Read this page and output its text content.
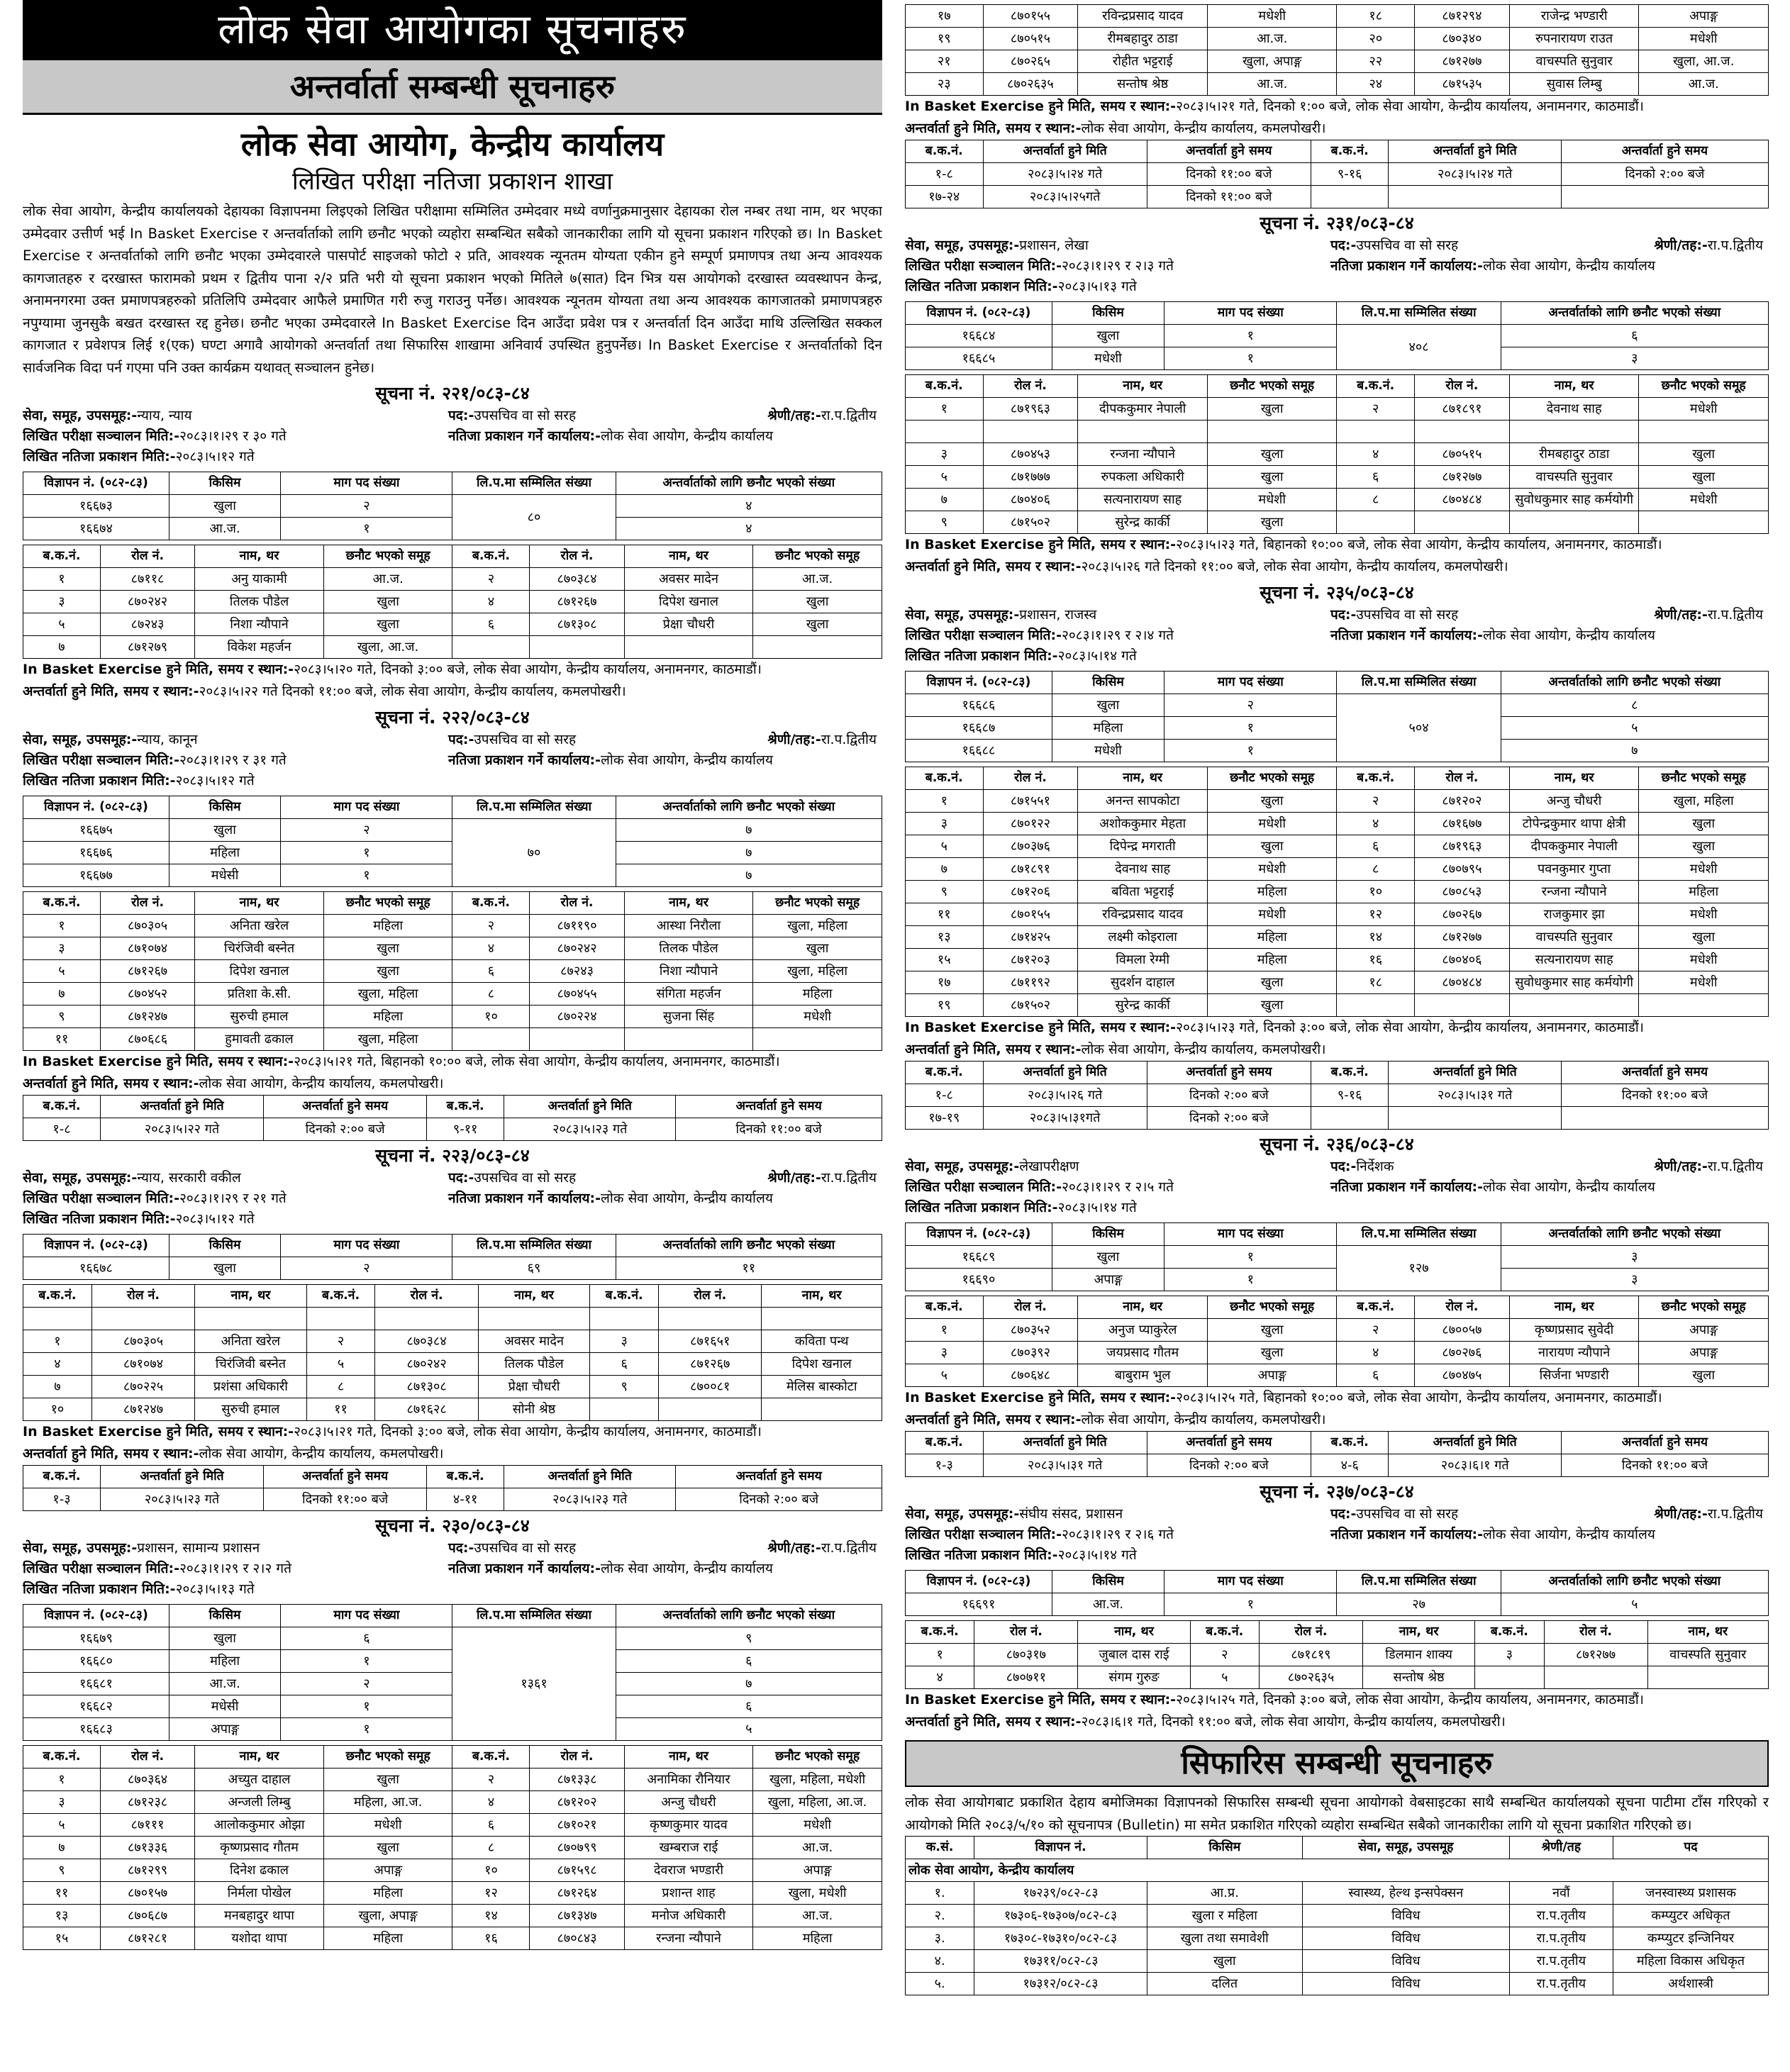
लोक सेवा आयोगका सूचनाहरु
अन्तर्वार्ता सम्बन्धी सूचनाहरु
लोक सेवा आयोग, केन्द्रीय कार्यालय
लिखित परीक्षा नतिजा प्रकाशन शाखा

लोक सेवा आयोग, केन्द्रीय कार्यालयको देहायका विज्ञापनमा लिइएको लिखित परीक्षामा सम्मिलित उम्मेदवार मध्ये वर्णानुक्रमानुसार देहायका रोल नम्बर तथा नाम, थर भएका उम्मेदवार उत्तीर्ण भई In Basket Exercise र अन्तर्वार्ताको लागि छनौट भएको व्यहोरा सम्बन्धित सबैको जानकारीका लागि यो सूचना प्रकाशन गरिएको छ। In Basket Exercise र अन्तर्वार्ताको लागि छनौट भएका उम्मेदवारले पासपोर्ट साइजको फोटो २ प्रति, आवश्यक न्यूनतम योग्यता एकीन हुने सम्पूर्ण प्रमाणपत्र तथा अन्य आवश्यक कागजातहरु र दरखास्त फारामको प्रथम र द्वितीय पाना २/२ प्रति भरी यो सूचना प्रकाशन भएको मितिले ७(सात) दिन भित्र यस आयोगको दरखास्त व्यवस्थापन केन्द्र, अनामनगरमा उक्त प्रमाणपत्रहरुको प्रतिलिपि उम्मेदवार आफैले प्रमाणित गरी रुजु गराउनु पर्नेछ। आवश्यक न्यूनतम योग्यता तथा अन्य आवश्यक कागजातको प्रमाणपत्रहरु नपुग्यामा जुनसुकै बखत दरखास्त रद्द हुनेछ। छनौट भएका उम्मेदवारले In Basket Exercise दिन आउँदा प्रवेश पत्र र अन्तर्वार्ता दिन आउँदा माथि उल्लिखित सक्कल कागजात र प्रवेशपत्र लिई १(एक) घण्टा अगावै आयोगको अन्तर्वार्ता तथा सिफारिस शाखामा अनिवार्य उपस्थित हुनुपर्नेछ। In Basket Exercise र अन्तर्वार्ताको दिन सार्वजनिक विदा पर्न गएमा पनि उक्त कार्यक्रम यथावत् सञ्चालन हुनेछ।

सूचना नं. २२१/०८३-८४
सेवा, समूह, उपसमूह:-न्याय, न्याय	पद:-उपसचिव वा सो सरह	श्रेणी/तह:-रा.प.द्वितीय
लिखित परीक्षा सञ्चालन मिति:-२०८३।१।२९ र ३० गते	नतिजा प्रकाशन गर्ने कार्यालय:-लोक सेवा आयोग, केन्द्रीय कार्यालय
लिखित नतिजा प्रकाशन मिति:-२०८३।५।१२ गते
विज्ञापन नं. (०८२-८३)	किसिम	माग पद संख्या	लि.प.मा सम्मिलित संख्या	अन्तर्वार्ताको लागि छनौट भएको संख्या
१६६७३	खुला	२	८०	४
१६६७४	आ.ज.	१		४
ब.क.नं.	रोल नं.	नाम, थर	छनौट भएको समूह	ब.क.नं.	रोल नं.	नाम, थर	छनौट भएको समूह
१	८७११८	अनु याकामी	आ.ज.	२	८७०३८४	अवसर मादेन	आ.ज.
३	८७०२४२	तिलक पौडेल	खुला	४	८७१२६७	दिपेश खनाल	खुला
५	८७२४३	निशा न्यौपाने	खुला	६	८७१३०८	प्रेक्षा चौधरी	खुला
७	८७१२७९	विकेश महर्जन	खुला, आ.ज.				
In Basket Exercise हुने मिति, समय र स्थान:-२०८३।५।२० गते, दिनको ३:०० बजे, लोक सेवा आयोग, केन्द्रीय कार्यालय, अनामनगर, काठमाडौं।
अन्तर्वार्ता हुने मिति, समय र स्थान:-२०८३।५।२२ गते दिनको ११:०० बजे, लोक सेवा आयोग, केन्द्रीय कार्यालय, कमलपोखरी।
सूचना नं. २२२/०८३-८४
सेवा, समूह, उपसमूह:-न्याय, कानून	पद:-उपसचिव वा सो सरह	श्रेणी/तह:-रा.प.द्वितीय
लिखित परीक्षा सञ्चालन मिति:-२०८३।१।२९ र ३१ गते	नतिजा प्रकाशन गर्ने कार्यालय:-लोक सेवा आयोग, केन्द्रीय कार्यालय
लिखित नतिजा प्रकाशन मिति:-२०८३।५।१२ गते
विज्ञापन नं. (०८२-८३)	किसिम	माग पद संख्या	लि.प.मा सम्मिलित संख्या	अन्तर्वार्ताको लागि छनौट भएको संख्या
१६६७५	खुला	२	७०	७
१६६७६	महिला	१		७
१६६७७	मधेसी	१		७
ब.क.नं.	रोल नं.	नाम, थर	छनौट भएको समूह	ब.क.नं.	रोल नं.	नाम, थर	छनौट भएको समूह
१	८७०३०५	अनिता खरेल	महिला	२	८७११९०	आस्था निरौला	खुला, महिला
३	८७१०७४	चिरंजिवी बस्नेत	खुला	४	८७०२४२	तिलक पौडेल	खुला
५	८७१२६७	दिपेश खनाल	खुला	६	८७२४३	निशा न्यौपाने	खुला, महिला
७	८७०४५२	प्रतिशा के.सी.	खुला, महिला	८	८७०४५५	संगिता महर्जन	महिला
९	८७१२४७	सुरुची हमाल	महिला	१०	८७०२२४	सुजना सिंह	मधेशी
११	८७०६८६	हुमावती ढकाल	खुला, महिला				
In Basket Exercise हुने मिति, समय र स्थान:-२०८३।५।२१ गते, बिहानको १०:०० बजे, लोक सेवा आयोग, केन्द्रीय कार्यालय, अनामनगर, काठमाडौं।
अन्तर्वार्ता हुने मिति, समय र स्थान:-लोक सेवा आयोग, केन्द्रीय कार्यालय, कमलपोखरी।
ब.क.नं.	अन्तर्वार्ता हुने मिति	अन्तर्वार्ता हुने समय	ब.क.नं.	अन्तर्वार्ता हुने मिति	अन्तर्वार्ता हुने समय
१-८	२०८३।५।२२ गते	दिनको २:०० बजे	९-११	२०८३।५।२३ गते	दिनको ११:०० बजे
सूचना नं. २२३/०८३-८४
सेवा, समूह, उपसमूह:-न्याय, सरकारी वकील	पद:-उपसचिव वा सो सरह	श्रेणी/तह:-रा.प.द्वितीय
लिखित परीक्षा सञ्चालन मिति:-२०८३।१।२९ र २१ गते	नतिजा प्रकाशन गर्ने कार्यालय:-लोक सेवा आयोग, केन्द्रीय कार्यालय
लिखित नतिजा प्रकाशन मिति:-२०८३।५।१२ गते
विज्ञापन नं. (०८२-८३)	किसिम	माग पद संख्या	लि.प.मा सम्मिलित संख्या	अन्तर्वार्ताको लागि छनौट भएको संख्या
१६६७८	खुला	२	६९	११
ब.क.नं.	रोल नं.	नाम, थर	ब.क.नं.	रोल नं.	नाम, थर	ब.क.नं.	रोल नं.	नाम, थर	

१	८७०३०५	अनिता खरेल	२	८७०३८४	अवसर मादेन	३	८७१६५१	कविता पन्थ	
४	८७१०७४	चिरंजिवी बस्नेत	५	८७०२४२	तिलक पौडेल	६	८७१२६७	दिपेश खनाल	
७	८७०२२५	प्रशंसा अधिकारी	८	८७१३०८	प्रेक्षा चौधरी	९	८७००८१	मेलिस बास्कोटा	
१०	८७१२४७	सुरुची हमाल	११	८७१६२८	सोनी श्रेष्ठ				
In Basket Exercise हुने मिति, समय र स्थान:-२०८३।५।२१ गते, दिनको ३:०० बजे, लोक सेवा आयोग, केन्द्रीय कार्यालय, अनामनगर, काठमाडौं।
अन्तर्वार्ता हुने मिति, समय र स्थान:-लोक सेवा आयोग, केन्द्रीय कार्यालय, कमलपोखरी।
ब.क.नं.	अन्तर्वार्ता हुने मिति	अन्तर्वार्ता हुने समय	ब.क.नं.	अन्तर्वार्ता हुने मिति	अन्तर्वार्ता हुने समय
१-३	२०८३।५।२३ गते	दिनको ११:०० बजे	४-११	२०८३।५।२३ गते	दिनको २:०० बजे
सूचना नं. २३०/०८३-८४
सेवा, समूह, उपसमूह:-प्रशासन, सामान्य प्रशासन	पद:-उपसचिव वा सो सरह	श्रेणी/तह:-रा.प.द्वितीय
लिखित परीक्षा सञ्चालन मिति:-२०८३।१।२९ र २।२ गते	नतिजा प्रकाशन गर्ने कार्यालय:-लोक सेवा आयोग, केन्द्रीय कार्यालय
लिखित नतिजा प्रकाशन मिति:-२०८३।५।१३ गते
विज्ञापन नं. (०८२-८३)	किसिम	माग पद संख्या	लि.प.मा सम्मिलित संख्या	अन्तर्वार्ताको लागि छनौट भएको संख्या
१६६७९	खुला	६	१३६१	९
१६६८०	महिला	१		६
१६६८१	आ.ज.	२		७
१६६८२	मधेसी	१		६
१६६८३	अपाङ्ग	१		५
ब.क.नं.	रोल नं.	नाम, थर	छनौट भएको समूह	ब.क.नं.	रोल नं.	नाम, थर	छनौट भएको समूह
१	८७०३६४	अच्युत दाहाल	खुला	२	८७१३३८	अनामिका रौनियार	खुला, महिला, मधेशी
३	८७१२३८	अन्जली लिम्बु	महिला, आ.ज.	४	८७१२०२	अन्जु चौधरी	खुला, महिला, आ.ज.
५	८७१११	आलोककुमार ओझा	मधेशी	६	८७१०२१	कृष्णकुमार यादव	मधेशी
७	८७१३३६	कृष्णप्रसाद गौतम	खुला	८	८७०७९९	खम्बराज राई	आ.ज.
९	८७१२९९	दिनेश ढकाल	अपाङ्ग	१०	८७१५९८	देवराज भण्डारी	अपाङ्ग
११	८७०१५७	निर्मला पोखेल	महिला	१२	८७१२६४	प्रशान्त शाह	खुला, मधेशी
१३	८७०६८७	मनबहादुर थापा	खुला, अपाङ्ग	१४	८७१३४७	मनोज अधिकारी	आ.ज.
१५	८७१२८१	यशोदा थापा	महिला	१६	८७०८४३	रन्जना न्यौपाने	महिला
१७	८७०१५५	रविन्द्रप्रसाद यादव	मधेशी	१८	८७१२९४	राजेन्द्र भण्डारी	अपाङ्ग
१९	८७०५१५	रीमबहादुर ठाडा	आ.ज.	२०	८७०३४०	रुपनारायण राउत	मधेशी
२१	८७०२६५	रोहीत भट्टराई	खुला, अपाङ्ग	२२	८७१२७७	वाचस्पति सुनुवार	खुला, आ.ज.
२३	८७०२६३५	सन्तोष श्रेष्ठ	आ.ज.	२४	८७१५३५	सुवास लिम्बु	आ.ज.
In Basket Exercise हुने मिति, समय र स्थान:-२०८३।५।२१ गते, दिनको १:०० बजे, लोक सेवा आयोग, केन्द्रीय कार्यालय, अनामनगर, काठमाडौं।
अन्तर्वार्ता हुने मिति, समय र स्थान:-लोक सेवा आयोग, केन्द्रीय कार्यालय, कमलपोखरी।
ब.क.नं.	अन्तर्वार्ता हुने मिति	अन्तर्वार्ता हुने समय	ब.क.नं.	अन्तर्वार्ता हुने मिति	अन्तर्वार्ता हुने समय
१-८	२०८३।५।२४ गते	दिनको ११:०० बजे	९-१६	२०८३।५।२४ गते	दिनको २:०० बजे
१७-२४	२०८३।५।२५गते	दिनको ११:०० बजे			
सूचना नं. २३१/०८३-८४
सेवा, समूह, उपसमूह:-प्रशासन, लेखा	पद:-उपसचिव वा सो सरह	श्रेणी/तह:-रा.प.द्वितीय
लिखित परीक्षा सञ्चालन मिति:-२०८३।१।२९ र २।३ गते	नतिजा प्रकाशन गर्ने कार्यालय:-लोक सेवा आयोग, केन्द्रीय कार्यालय
लिखित नतिजा प्रकाशन मिति:-२०८३।५।१३ गते
विज्ञापन नं. (०८२-८३)	किसिम	माग पद संख्या	लि.प.मा सम्मिलित संख्या	अन्तर्वार्ताको लागि छनौट भएको संख्या
१६६८४	खुला	१	४०८	६
१६६८५	मधेशी	१		३
ब.क.नं.	रोल नं.	नाम, थर	छनौट भएको समूह	ब.क.नं.	रोल नं.	नाम, थर	छनौट भएको समूह
१	८७१९६३	दीपककुमार नेपाली	खुला	२	८७१८९१	देवनाथ साह	मधेशी

३	८७०४५३	रन्जना न्यौपाने	खुला	४	८७०५१५	रीमबहादुर ठाडा	खुला
५	८७१७७७	रुपकला अधिकारी	खुला	६	८७१२७७	वाचस्पति सुनुवार	खुला
७	८७०४०६	सत्यनारायण साह	मधेशी	८	८७०४८४	सुवोधकुमार साह कर्मयोगी	मधेशी
९	८७१५०२	सुरेन्द्र कार्की	खुला				
In Basket Exercise हुने मिति, समय र स्थान:-२०८३।५।२३ गते, बिहानको १०:०० बजे, लोक सेवा आयोग, केन्द्रीय कार्यालय, अनामनगर, काठमाडौं।
अन्तर्वार्ता हुने मिति, समय र स्थान:-२०८३।५।२६ गते दिनको ११:०० बजे, लोक सेवा आयोग, केन्द्रीय कार्यालय, कमलपोखरी।
सूचना नं. २३५/०८३-८४
सेवा, समूह, उपसमूह:-प्रशासन, राजस्व	पद:-उपसचिव वा सो सरह	श्रेणी/तह:-रा.प.द्वितीय
लिखित परीक्षा सञ्चालन मिति:-२०८३।१।२९ र २।४ गते	नतिजा प्रकाशन गर्ने कार्यालय:-लोक सेवा आयोग, केन्द्रीय कार्यालय
लिखित नतिजा प्रकाशन मिति:-२०८३।५।१४ गते
विज्ञापन नं. (०८२-८३)	किसिम	माग पद संख्या	लि.प.मा सम्मिलित संख्या	अन्तर्वार्ताको लागि छनौट भएको संख्या
१६६८६	खुला	२	५०४	८
१६६८७	महिला	१		५
१६६८८	मधेशी	१		७
ब.क.नं.	रोल नं.	नाम, थर	छनौट भएको समूह	ब.क.नं.	रोल नं.	नाम, थर	छनौट भएको समूह
१	८७१५५१	अनन्त सापकोटा	खुला	२	८७१२०२	अन्जु चौधरी	खुला, महिला
३	८७०१२२	अशोककुमार मेहता	मधेशी	४	८७१६७७	टोपेन्द्रकुमार थापा क्षेत्री	खुला
५	८७०३७६	दिपेन्द्र मगराती	खुला	६	८७१९६३	दीपककुमार नेपाली	खुला
७	८७१८९१	देवनाथ साह	मधेशी	८	८७०७९५	पवनकुमार गुप्ता	मधेशी
९	८७१२०६	बविता भट्टराई	महिला	१०	८७०८५३	रन्जना न्यौपाने	महिला
११	८७०१५५	रविन्द्रप्रसाद यादव	मधेशी	१२	८७०२६७	राजकुमार झा	मधेशी
१३	८७१४२५	लक्ष्मी कोइराला	महिला	१४	८७१२७७	वाचस्पति सुनुवार	खुला
१५	८७१२०३	विमला रेग्मी	महिला	१६	८७०४०६	सत्यनारायण साह	मधेशी
१७	८७११९२	सुदर्शन दाहाल	खुला	१८	८७०४८४	सुवोधकुमार साह कर्मयोगी	मधेशी
१९	८७१५०२	सुरेन्द्र कार्की	खुला				
In Basket Exercise हुने मिति, समय र स्थान:-२०८३।५।२३ गते, दिनको ३:०० बजे, लोक सेवा आयोग, केन्द्रीय कार्यालय, अनामनगर, काठमाडौं।
अन्तर्वार्ता हुने मिति, समय र स्थान:-लोक सेवा आयोग, केन्द्रीय कार्यालय, कमलपोखरी।
ब.क.नं.	अन्तर्वार्ता हुने मिति	अन्तर्वार्ता हुने समय	ब.क.नं.	अन्तर्वार्ता हुने मिति	अन्तर्वार्ता हुने समय
१-८	२०८३।५।२६ गते	दिनको २:०० बजे	९-१६	२०८३।५।३१ गते	दिनको ११:०० बजे
१७-१९	२०८३।५।३१गते	दिनको २:०० बजे			
सूचना नं. २३६/०८३-८४
सेवा, समूह, उपसमूह:-लेखापरीक्षण	पद:-निर्देशक	श्रेणी/तह:-रा.प.द्वितीय
लिखित परीक्षा सञ्चालन मिति:-२०८३।१।२९ र २।५ गते	नतिजा प्रकाशन गर्ने कार्यालय:-लोक सेवा आयोग, केन्द्रीय कार्यालय
लिखित नतिजा प्रकाशन मिति:-२०८३।५।१४ गते
विज्ञापन नं. (०८२-८३)	किसिम	माग पद संख्या	लि.प.मा सम्मिलित संख्या	अन्तर्वार्ताको लागि छनौट भएको संख्या
१६६८९	खुला	१	१२७	३
१६६९०	अपाङ्ग	१		३
ब.क.नं.	रोल नं.	नाम, थर	छनौट भएको समूह	ब.क.नं.	रोल नं.	नाम, थर	छनौट भएको समूह
१	८७०३५२	अनुज प्याकुरेल	खुला	२	८७००५७	कृष्णप्रसाद सुवेदी	अपाङ्ग
३	८७०३९२	जयप्रसाद गौतम	खुला	४	८७०२७६	नारायण न्यौपाने	अपाङ्ग
५	८७०६४८	बाबुराम भुल	अपाङ्ग	६	८७०४७५	सिर्जना भण्डारी	खुला
In Basket Exercise हुने मिति, समय र स्थान:-२०८३।५।२५ गते, बिहानको १०:०० बजे, लोक सेवा आयोग, केन्द्रीय कार्यालय, अनामनगर, काठमाडौं।
अन्तर्वार्ता हुने मिति, समय र स्थान:-लोक सेवा आयोग, केन्द्रीय कार्यालय, कमलपोखरी।
ब.क.नं.	अन्तर्वार्ता हुने मिति	अन्तर्वार्ता हुने समय	ब.क.नं.	अन्तर्वार्ता हुने मिति	अन्तर्वार्ता हुने समय
१-३	२०८३।५।३१ गते	दिनको २:०० बजे	४-६	२०८३।६।१ गते	दिनको ११:०० बजे
सूचना नं. २३७/०८३-८४
सेवा, समूह, उपसमूह:-संघीय संसद, प्रशासन	पद:-उपसचिव वा सो सरह	श्रेणी/तह:-रा.प.द्वितीय
लिखित परीक्षा सञ्चालन मिति:-२०८३।१।२९ र २।६ गते	नतिजा प्रकाशन गर्ने कार्यालय:-लोक सेवा आयोग, केन्द्रीय कार्यालय
लिखित नतिजा प्रकाशन मिति:-२०८३।५।१४ गते
विज्ञापन नं. (०८२-८३)	किसिम	माग पद संख्या	लि.प.मा सम्मिलित संख्या	अन्तर्वार्ताको लागि छनौट भएको संख्या
१६६९१	आ.ज.	१	२७	५
ब.क.नं.	रोल नं.	नाम, थर	ब.क.नं.	रोल नं.	नाम, थर	ब.क.नं.	रोल नं.	नाम, थर
१	८७०३१७	जुबाल दास राई	२	८७१८१९	डिलमान शाक्य	३	८७१२७७	वाचस्पति सुनुवार
४	८७०७११	संगम गुरुङ	५	८७०२६३५	सन्तोष श्रेष्ठ			
In Basket Exercise हुने मिति, समय र स्थान:-२०८३।५।२५ गते, दिनको ३:०० बजे, लोक सेवा आयोग, केन्द्रीय कार्यालय, अनामनगर, काठमाडौं।
अन्तर्वार्ता हुने मिति, समय र स्थान:-२०८३।६।१ गते, दिनको ११:०० बजे, लोक सेवा आयोग, केन्द्रीय कार्यालय, कमलपोखरी।
सिफारिस सम्बन्धी सूचनाहरु

लोक सेवा आयोगबाट प्रकाशित देहाय बमोजिमका विज्ञापनको सिफारिस सम्बन्धी सूचना आयोगको वेबसाइटका साथै सम्बन्धित कार्यालयको सूचना पाटीमा टाँस गरिएको र आयोगको मिति २०८३/५/१० को सूचनापत्र (Bulletin) मा समेत प्रकाशित गरिएको व्यहोरा सम्बन्धित सबैको जानकारीका लागि यो सूचना प्रकाशित गरिएको छ।

क.सं.	विज्ञापन नं.	किसिम	सेवा, समूह, उपसमूह	श्रेणी/तह	पद
लोक सेवा आयोग, केन्द्रीय कार्यालय					
१.	१७२३९/०८२-८३	आ.प्र.	स्वास्थ्य, हेल्थ इन्सपेक्सन	नवौं	जनस्वास्थ्य प्रशासक
२.	१७३०६-१७३०७/०८२-८३	खुला र महिला	विविध	रा.प.तृतीय	कम्प्युटर अधिकृत
३.	१७३०८-१७३१०/०८२-८३	खुला तथा समावेशी	विविध	रा.प.तृतीय	कम्प्युटर इन्जिनियर
४.	१७३११/०८२-८३	खुला	विविध	रा.प.तृतीय	महिला विकास अधिकृत
५.	१७३१२/०८२-८३	दलित	विविध	रा.प.तृतीय	अर्थशास्त्री
